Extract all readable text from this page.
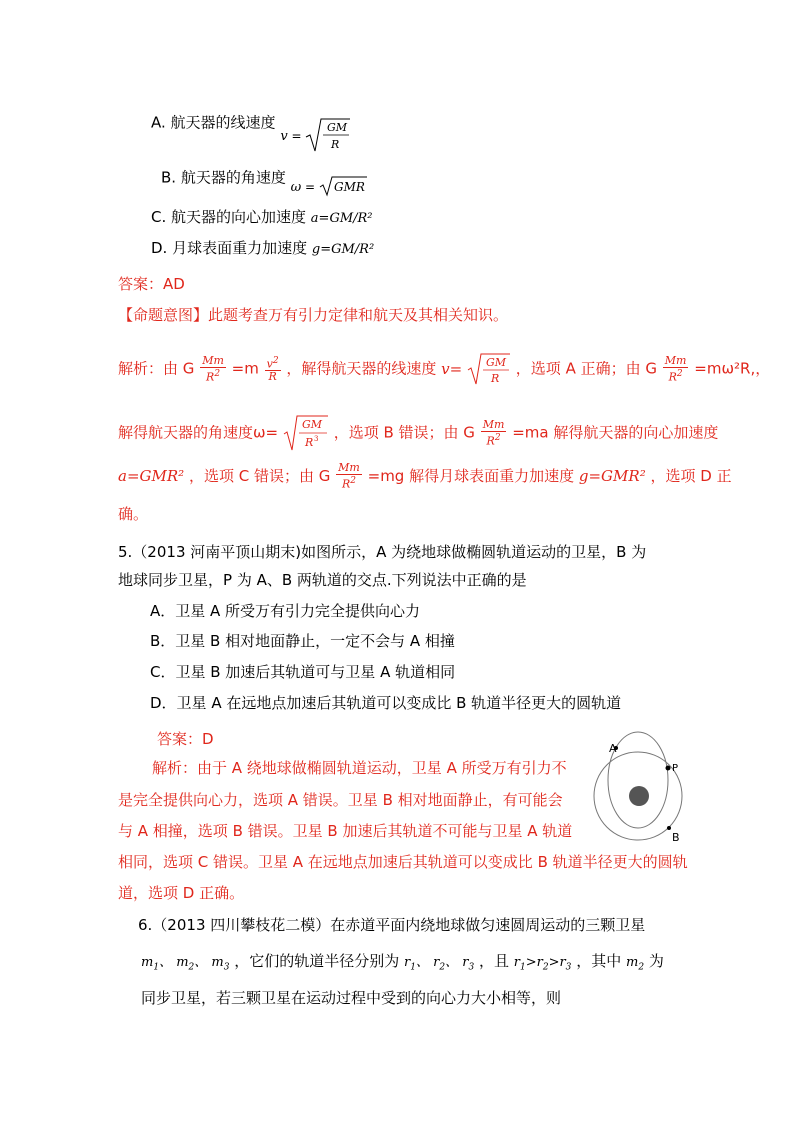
A. 航天器的线速度 v =
GM
R
B. 航天器的角速度 ω = GMR
C. 航天器的向心加速度 a=GM/R²
D. 月球表面重力加速度 g=GM/R²
答案：AD
【命题意图】此题考查万有引力定律和航天及其相关知识。
解析：由 G $\frac{Mm}{R^2} =m \frac{v^2}{R}$ ，解得航天器的线速度 v= GM
R
，选项 A 正确；由 G $\frac{Mm}{R^2} =m\omega^2R$,，
解得航天器的角速度ω= GM
R 3 ，选项 B 错误；由 G $\frac{Mm}{R^2} =ma$ 解得航天器的向心加速度
a=GMR² ，选项 C 错误；由 G $\frac{Mm}{R^2} =mg$ 解得月球表面重力加速度 g=GMR² ，选项 D 正
确。
5.（2013 河南平顶山期末)如图所示，A 为绕地球做椭圆轨道运动的卫星，B 为
地球同步卫星，P 为 A、B 两轨道的交点.下列说法中正确的是
A．卫星 A 所受万有引力完全提供向心力
B．卫星 B 相对地面静止，一定不会与 A 相撞
C．卫星 B 加速后其轨道可与卫星 A 轨道相同
D．卫星 A 在远地点加速后其轨道可以变成比 B 轨道半径更大的圆轨道
答案：D
解析：由于 A 绕地球做椭圆轨道运动，卫星 A 所受万有引力不
是完全提供向心力，选项 A 错误。卫星 B 相对地面静止，有可能会
与 A 相撞，选项 B 错误。卫星 B 加速后其轨道不可能与卫星 A 轨道
相同，选项 C 错误。卫星 A 在远地点加速后其轨道可以变成比 B 轨道半径更大的圆轨
道，选项 D 正确。
A
P
B
6.（2013 四川攀枝花二模）在赤道平面内绕地球做匀速圆周运动的三颗卫星
$m_1$、 $m_2$、 $m_3$ ，它们的轨道半径分别为 $r_1$、 $r_2$、 $r_3$ ，且 $r_1>r_2>r_3$ ，其中 $m_2$ 为
同步卫星，若三颗卫星在运动过程中受到的向心力大小相等，则
